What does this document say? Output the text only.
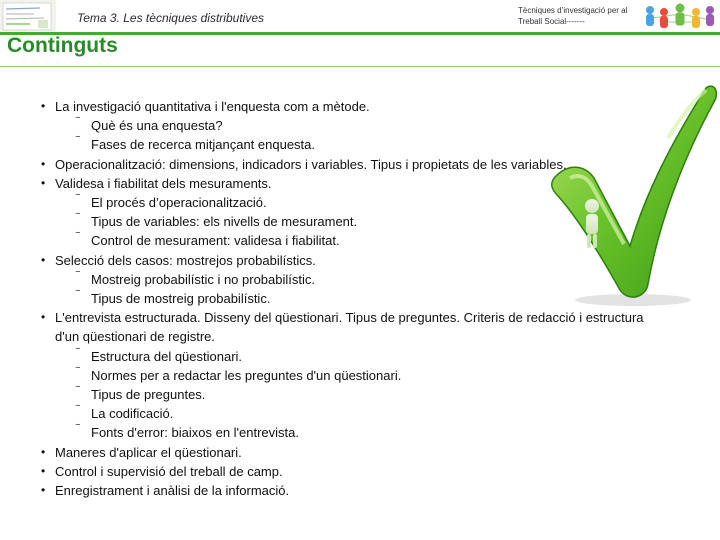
Tema 3. Les tècniques distributives
Tècniques d’investigació per al Treball Social-------
Continguts
• La investigació quantitativa i l'enquesta com a mètode.
‾ Què és una enquesta?
‾ Fases de recerca mitjançant enquesta.
• Operacionalització: dimensions, indicadors i variables. Tipus i propietats de les variables.
• Validesa i fiabilitat dels mesuraments.
‾ El procés d’operacionalització.
‾ Tipus de variables: els nivells de mesurament.
‾ Control de mesurament: validesa i fiabilitat.
• Selecció dels casos: mostrejos probabilístics.
‾ Mostreig probabilístic i no probabilístic.
‾ Tipus de mostreig probabilístic.
• L'entrevista estructurada. Disseny del qüestionari. Tipus de preguntes. Criteris de redacció i estructura d'un qüestionari de registre.
‾ Estructura del qüestionari.
‾ Normes per a redactar les preguntes d'un qüestionari.
‾ Tipus de preguntes.
‾ La codificació.
‾ Fonts d'error: biaixos en l'entrevista.
• Maneres d'aplicar el qüestionari.
• Control i supervisió del treball de camp.
• Enregistrament i anàlisi de la informació.
